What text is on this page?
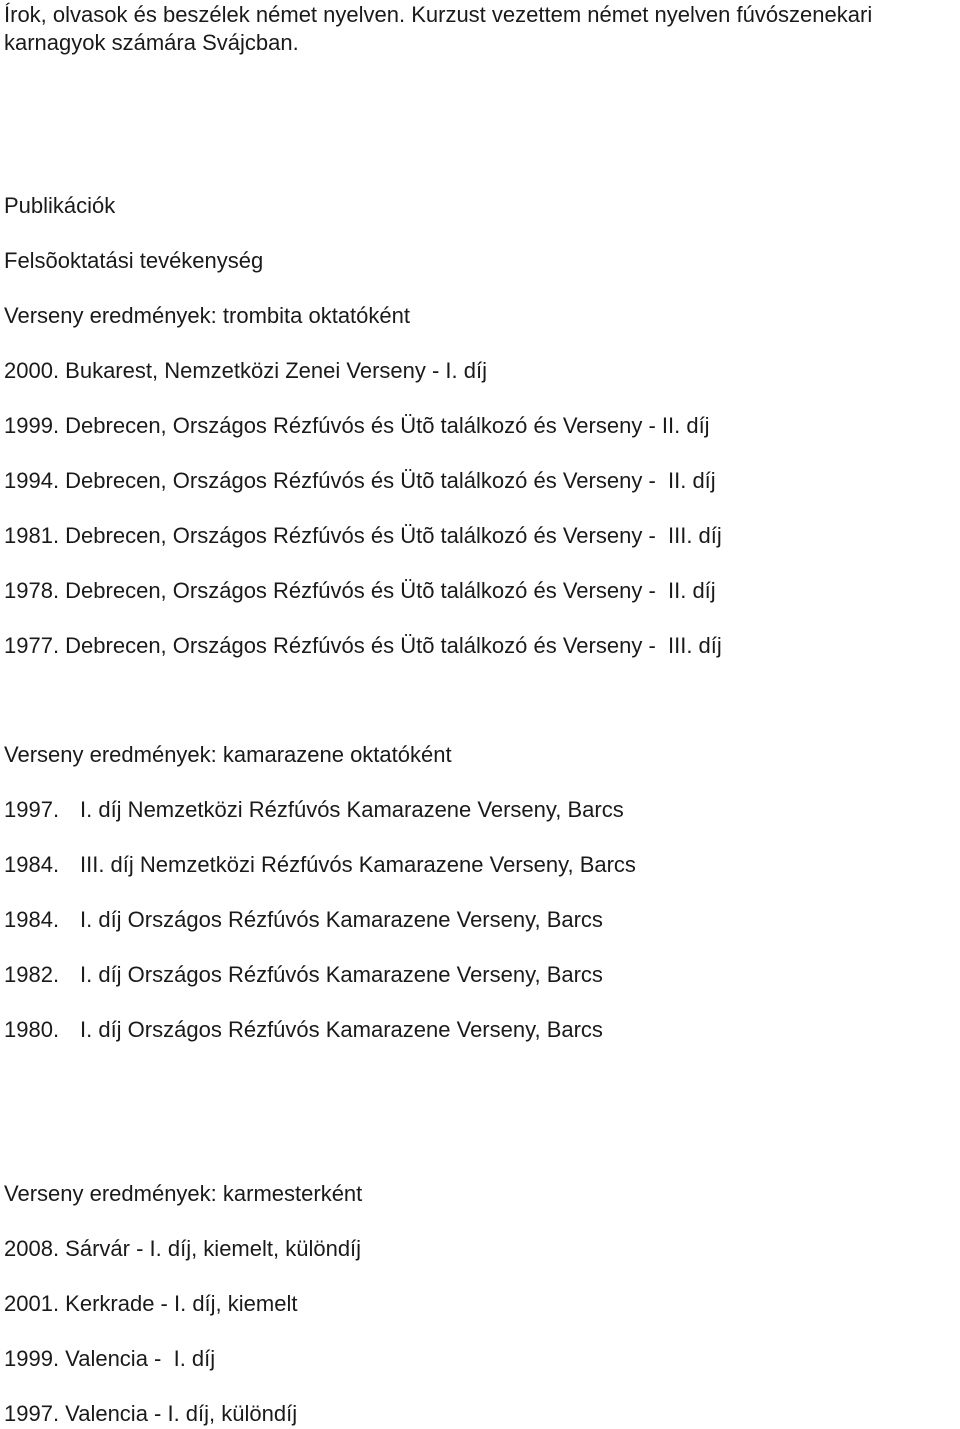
Írok, olvasok és beszélek német nyelven. Kurzust vezettem német nyelven fúvószenekari

karnagyok számára Svájcban.

Publikációk
Felsõoktatási tevékenység
Verseny eredmények: trombita oktatóként

2000. Bukarest, Nemzetközi Zenei Verseny - I. díj

1999. Debrecen, Országos Rézfúvós és Ütõ találkozó és Verseny - II. díj

1994. Debrecen, Országos Rézfúvós és Ütõ találkozó és Verseny -  II. díj

1981. Debrecen, Országos Rézfúvós és Ütõ találkozó és Verseny -  III. díj

1978. Debrecen, Országos Rézfúvós és Ütõ találkozó és Verseny -  II. díj

1977. Debrecen, Országos Rézfúvós és Ütõ találkozó és Verseny -  III. díj

Verseny eredmények: kamarazene oktatóként

1997. I. díj Nemzetközi Rézfúvós Kamarazene Verseny, Barcs

1984. III. díj Nemzetközi Rézfúvós Kamarazene Verseny, Barcs

1984. I. díj Országos Rézfúvós Kamarazene Verseny, Barcs

1982. I. díj Országos Rézfúvós Kamarazene Verseny, Barcs

1980. I. díj Országos Rézfúvós Kamarazene Verseny, Barcs

Verseny eredmények: karmesterként

2008. Sárvár - I. díj, kiemelt, különdíj

2001. Kerkrade - I. díj, kiemelt

1999. Valencia -  I. díj

1997. Valencia - I. díj, különdíj
